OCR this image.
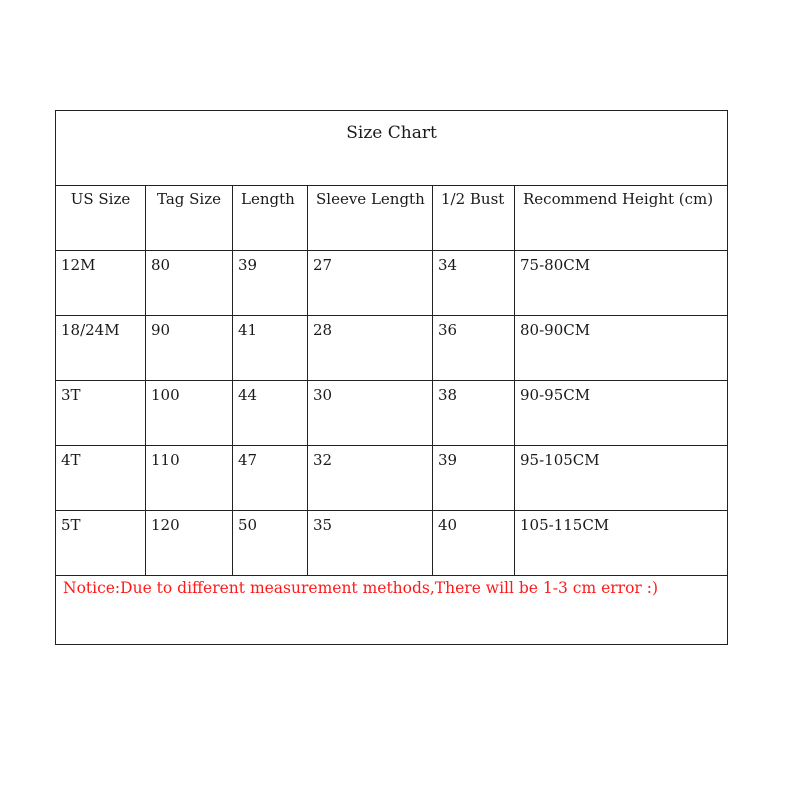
Size Chart					

US Size	Tag Size	Length	Sleeve Length	1/2 Bust	Recommend Height (cm)

12M	80	39	27	34	75-80CM

18/24M	90	41	28	36	80-90CM

3T	100	44	30	38	90-95CM

4T	110	47	32	39	95-105CM

5T	120	50	35	40	105-115CM

Notice:Due to different measurement methods,There will be 1-3 cm error :)					
